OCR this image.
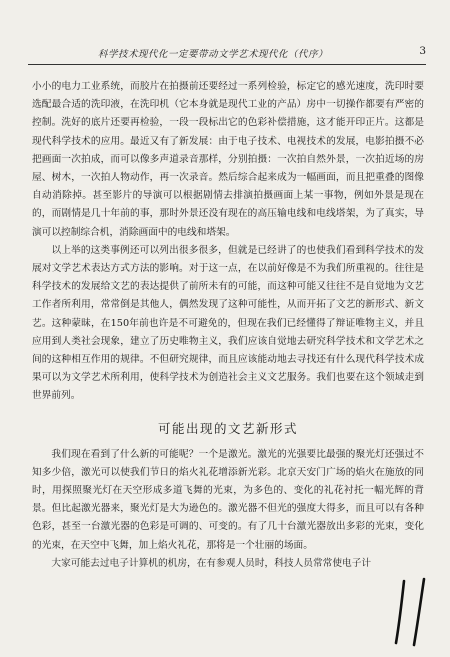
科学技术现代化一定要带动文学艺术现代化（代序）	3

小小的电力工业系统，而胶片在拍摄前还要经过一系列检验，标定它的感光速度，洗印时要选配最合适的洗印液，在洗印机（它本身就是现代工业的产品）房中一切操作都要有严密的控制。洗好的底片还要再检验，一段一段标出它的色彩补偿措施，这才能开印正片。这都是现代科学技术的应用。最近又有了新发展：由于电子技术、电视技术的发展，电影拍摄不必把画面一次拍成，而可以像多声道录音那样，分别拍摄：一次拍自然外景，一次拍近场的房屋、树木，一次拍人物动作，再一次录音。然后综合起来成为一幅画面，而且把重叠的图像自动消除掉。甚至影片的导演可以根据剧情去排演拍摄画面上某一事物，例如外景是现在的，而剧情是几十年前的事，那时外景还没有现在的高压输电线和电线塔架，为了真实，导演可以控制综合机，消除画面中的电线和塔架。

以上举的这类事例还可以列出很多很多，但就是已经讲了的也使我们看到科学技术的发展对文学艺术表达方式方法的影响。对于这一点，在以前好像是不为我们所重视的。往往是科学技术的发展给文艺的表达提供了前所未有的可能，而这种可能又往往不是自觉地为文艺工作者所利用，常常倒是其他人，偶然发现了这种可能性，从而开拓了文艺的新形式、新文艺。这种蒙昧，在150年前也许是不可避免的，但现在我们已经懂得了辩证唯物主义，并且应用到人类社会现象，建立了历史唯物主义，我们应该自觉地去研究科学技术和文学艺术之间的这种相互作用的规律。不但研究规律，而且应该能动地去寻找还有什么现代科学技术成果可以为文学艺术所利用，使科学技术为创造社会主义文艺服务。我们也要在这个领域走到世界前列。

可能出现的文艺新形式

我们现在看到了什么新的可能呢？一个是激光。激光的光强要比最强的聚光灯还强过不知多少倍，激光可以使我们节日的焰火礼花增添新光彩。北京天安门广场的焰火在施放的同时，用探照聚光灯在天空形成多道飞舞的光束，为多色的、变化的礼花衬托一幅光辉的背景。但比起激光器来，聚光灯是大为逊色的。激光器不但光的强度大得多，而且可以有各种色彩，甚至一台激光器的色彩是可调的、可变的。有了几十台激光器放出多彩的光束，变化的光束，在天空中飞舞，加上焰火礼花，那将是一个壮丽的场面。

大家可能去过电子计算机的机房，在有参观人员时，科技人员常常使电子计
